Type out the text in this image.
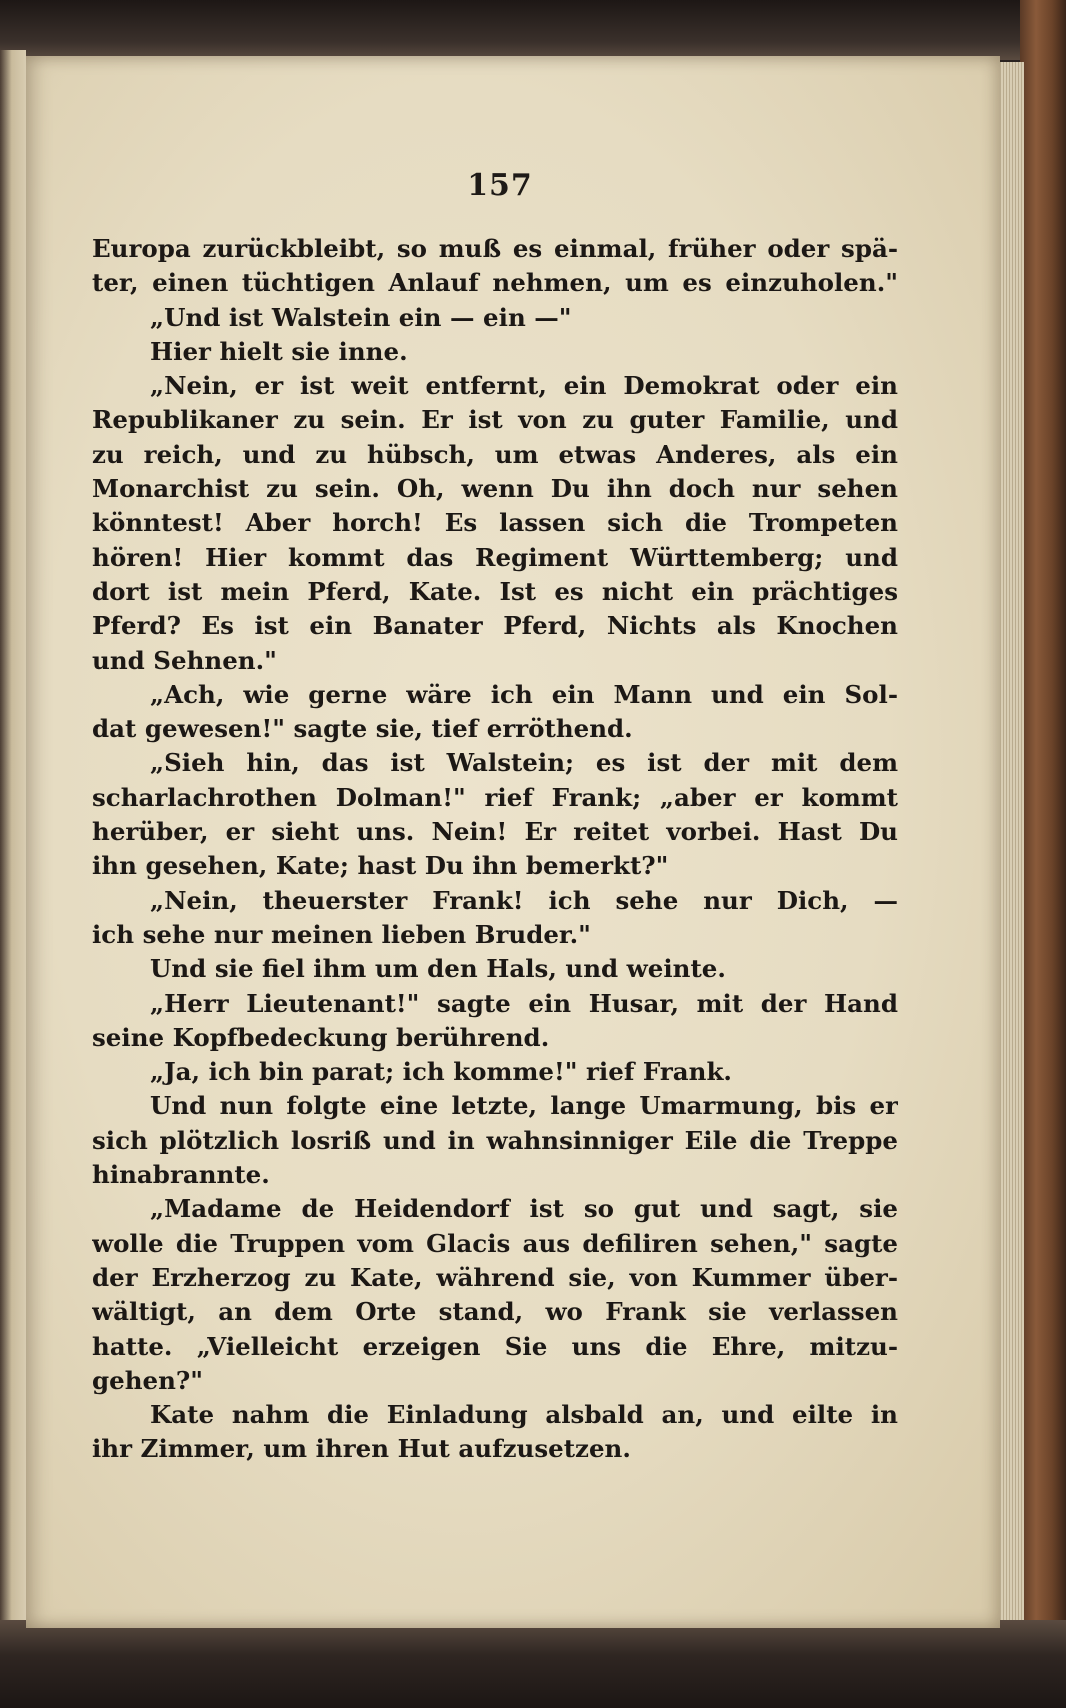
157
Europa zurückbleibt, so muß es einmal, früher oder spä-
ter, einen tüchtigen Anlauf nehmen, um es einzuholen."
„Und ist Walstein ein — ein —"
Hier hielt sie inne.
„Nein, er ist weit entfernt, ein Demokrat oder ein
Republikaner zu sein. Er ist von zu guter Familie, und
zu reich, und zu hübsch, um etwas Anderes, als ein
Monarchist zu sein. Oh, wenn Du ihn doch nur sehen
könntest! Aber horch! Es lassen sich die Trompeten
hören! Hier kommt das Regiment Württemberg; und
dort ist mein Pferd, Kate. Ist es nicht ein prächtiges
Pferd? Es ist ein Banater Pferd, Nichts als Knochen
und Sehnen."
„Ach, wie gerne wäre ich ein Mann und ein Sol-
dat gewesen!" sagte sie, tief erröthend.
„Sieh hin, das ist Walstein; es ist der mit dem
scharlachrothen Dolman!" rief Frank; „aber er kommt
herüber, er sieht uns. Nein! Er reitet vorbei. Hast Du
ihn gesehen, Kate; hast Du ihn bemerkt?"
„Nein, theuerster Frank! ich sehe nur Dich, —
ich sehe nur meinen lieben Bruder."
Und sie fiel ihm um den Hals, und weinte.
„Herr Lieutenant!" sagte ein Husar, mit der Hand
seine Kopfbedeckung berührend.
„Ja, ich bin parat; ich komme!" rief Frank.
Und nun folgte eine letzte, lange Umarmung, bis er
sich plötzlich losriß und in wahnsinniger Eile die Treppe
hinabrannte.
„Madame de Heidendorf ist so gut und sagt, sie
wolle die Truppen vom Glacis aus defiliren sehen," sagte
der Erzherzog zu Kate, während sie, von Kummer über-
wältigt, an dem Orte stand, wo Frank sie verlassen
hatte. „Vielleicht erzeigen Sie uns die Ehre, mitzu-
gehen?"
Kate nahm die Einladung alsbald an, und eilte in
ihr Zimmer, um ihren Hut aufzusetzen.
